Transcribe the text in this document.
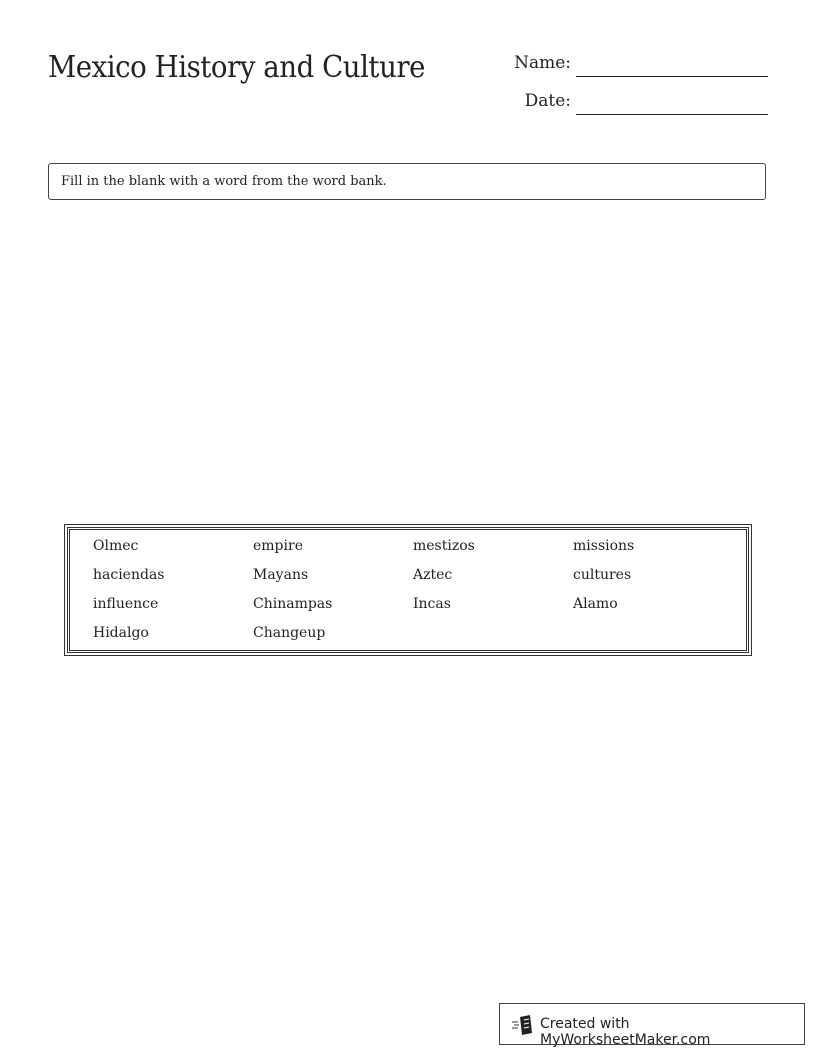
Mexico History and Culture	Name:
Date:
Fill in the blank with a word from the word bank.
Olmec	empire	mestizos	missions
haciendas	Mayans	Aztec	cultures
influence	Chinampas	Incas	Alamo
Hidalgo	Changeup
Created with MyWorksheetMaker.com
